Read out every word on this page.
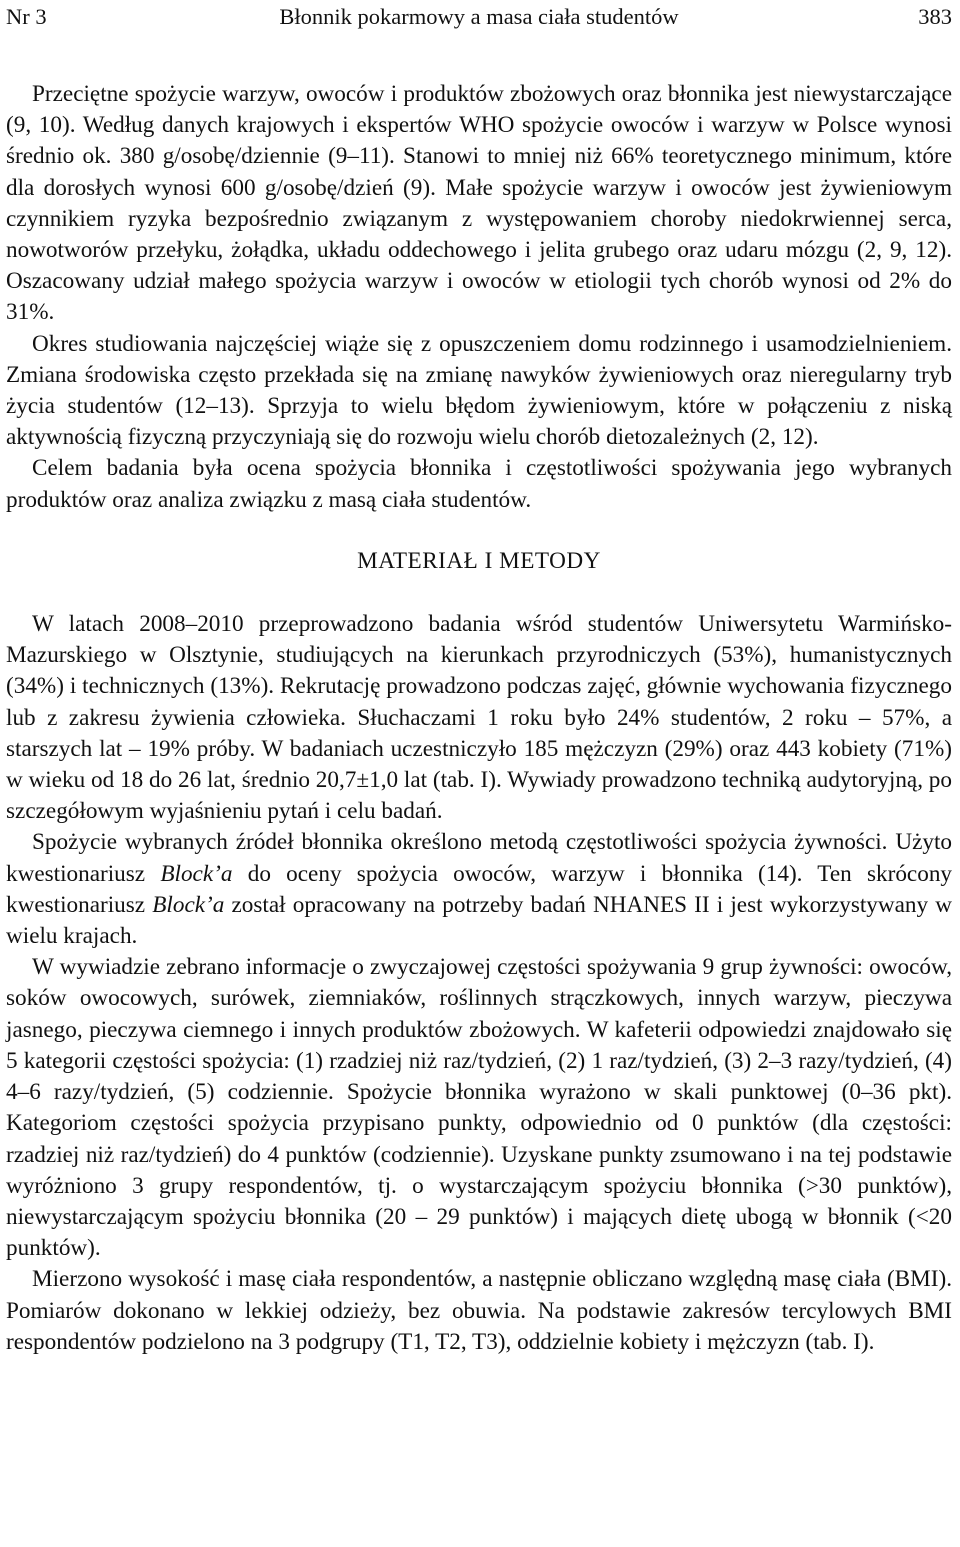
Nr 3	Błonnik pokarmowy a masa ciała studentów	383

Przeciętne spożycie warzyw, owoców i produktów zbożowych oraz błonnika jest niewystarczające (9, 10). Według danych krajowych i ekspertów WHO spożycie owoców i warzyw w Polsce wynosi średnio ok. 380 g/osobę/dziennie (9–11). Stanowi to mniej niż 66% teoretycznego minimum, które dla dorosłych wynosi 600 g/osobę/dzień (9). Małe spożycie warzyw i owoców jest żywieniowym czynnikiem ryzyka bezpośrednio związanym z występowaniem choroby niedokrwiennej serca, nowotworów przełyku, żołądka, układu oddechowego i jelita grubego oraz udaru mózgu (2, 9, 12). Oszacowany udział małego spożycia warzyw i owoców w etiologii tych chorób wynosi od 2% do 31%.

Okres studiowania najczęściej wiąże się z opuszczeniem domu rodzinnego i usamodzielnieniem. Zmiana środowiska często przekłada się na zmianę nawyków żywieniowych oraz nieregularny tryb życia studentów (12–13). Sprzyja to wielu błędom żywieniowym, które w połączeniu z niską aktywnością fizyczną przyczyniają się do rozwoju wielu chorób dietozależnych (2, 12).

Celem badania była ocena spożycia błonnika i częstotliwości spożywania jego wybranych produktów oraz analiza związku z masą ciała studentów.

MATERIAŁ I METODY

W latach 2008–2010 przeprowadzono badania wśród studentów Uniwersytetu Warmińsko-Mazurskiego w Olsztynie, studiujących na kierunkach przyrodniczych (53%), humanistycznych (34%) i technicznych (13%). Rekrutację prowadzono podczas zajęć, głównie wychowania fizycznego lub z zakresu żywienia człowieka. Słuchaczami 1 roku było 24% studentów, 2 roku – 57%, a starszych lat – 19% próby. W badaniach uczestniczyło 185 mężczyzn (29%) oraz 443 kobiety (71%) w wieku od 18 do 26 lat, średnio 20,7±1,0 lat (tab. I). Wywiady prowadzono techniką audytoryjną, po szczegółowym wyjaśnieniu pytań i celu badań.

Spożycie wybranych źródeł błonnika określono metodą częstotliwości spożycia żywności. Użyto kwestionariusz Block’a do oceny spożycia owoców, warzyw i błonnika (14). Ten skrócony kwestionariusz Block’a został opracowany na potrzeby badań NHANES II i jest wykorzystywany w wielu krajach.

W wywiadzie zebrano informacje o zwyczajowej częstości spożywania 9 grup żywności: owoców, soków owocowych, surówek, ziemniaków, roślinnych strączkowych, innych warzyw, pieczywa jasnego, pieczywa ciemnego i innych produktów zbożowych. W kafeterii odpowiedzi znajdowało się 5 kategorii częstości spożycia: (1) rzadziej niż raz/tydzień, (2) 1 raz/tydzień, (3) 2–3 razy/tydzień, (4) 4–6 razy/tydzień, (5) codziennie. Spożycie błonnika wyrażono w skali punktowej (0–36 pkt). Kategoriom częstości spożycia przypisano punkty, odpowiednio od 0 punktów (dla częstości: rzadziej niż raz/tydzień) do 4 punktów (codziennie). Uzyskane punkty zsumowano i na tej podstawie wyróżniono 3 grupy respondentów, tj. o wystarczającym spożyciu błonnika (>30 punktów), niewystarczającym spożyciu błonnika (20 – 29 punktów) i mających dietę ubogą w błonnik (<20 punktów).

Mierzono wysokość i masę ciała respondentów, a następnie obliczano względną masę ciała (BMI). Pomiarów dokonano w lekkiej odzieży, bez obuwia. Na podstawie zakresów tercylowych BMI respondentów podzielono na 3 podgrupy (T1, T2, T3), oddzielnie kobiety i mężczyzn (tab. I).
